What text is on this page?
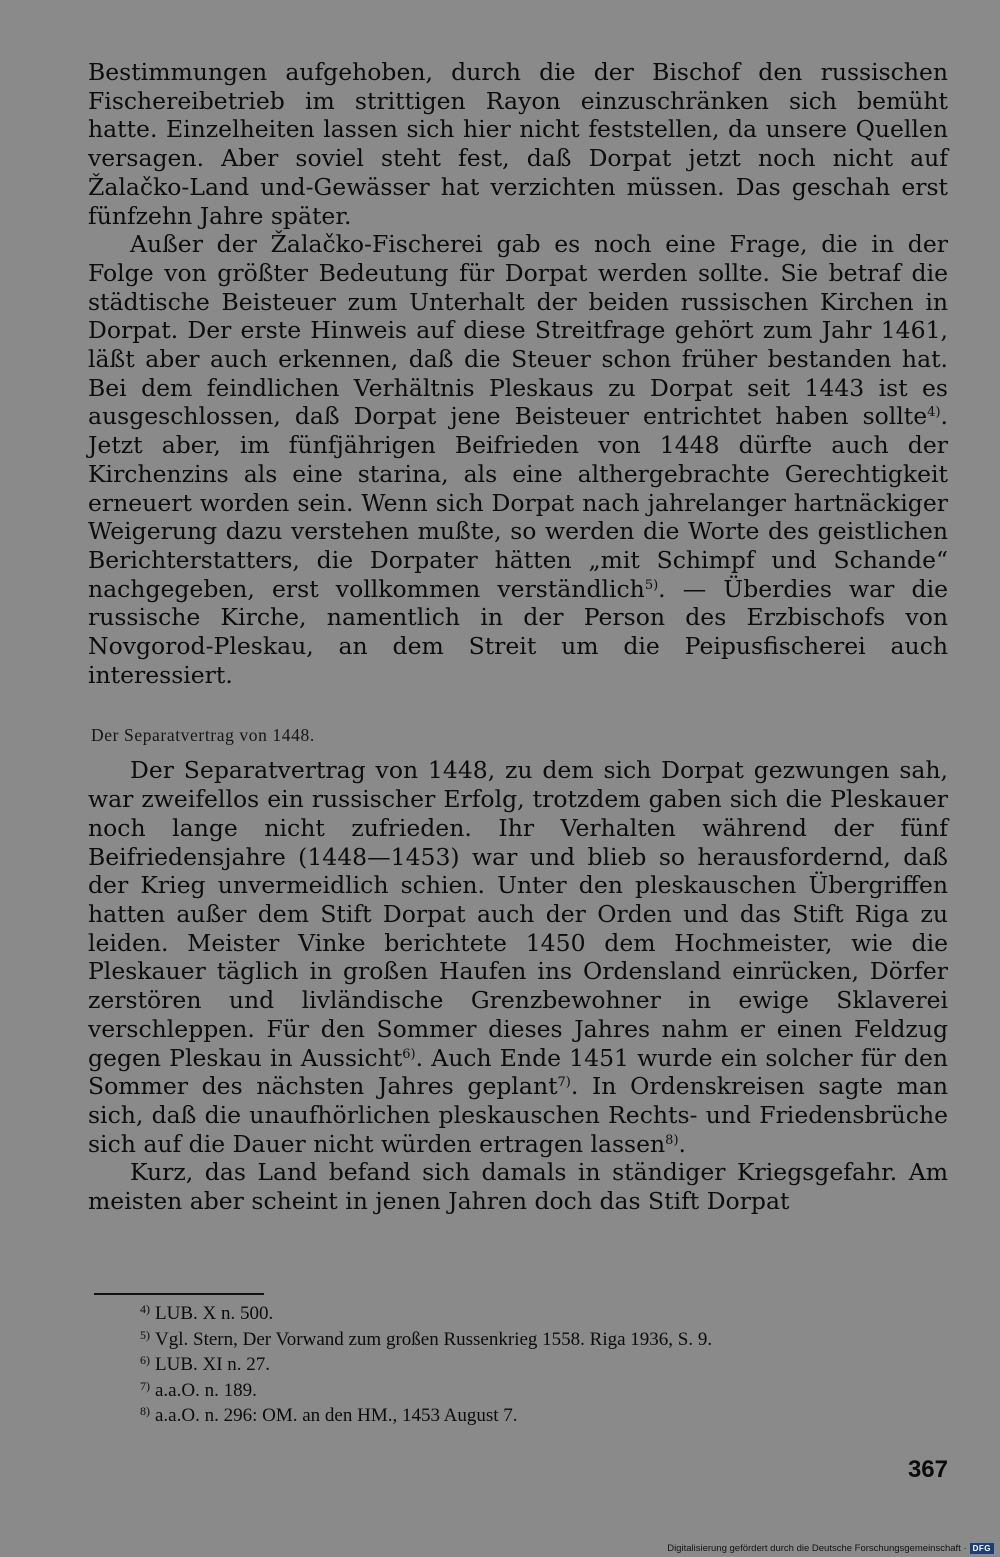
Bestimmungen aufgehoben, durch die der Bischof den russischen Fischereibetrieb im strittigen Rayon einzuschränken sich bemüht hatte. Einzelheiten lassen sich hier nicht feststellen, da unsere Quellen versagen. Aber soviel steht fest, daß Dorpat jetzt noch nicht auf Žalačko-Land und-Gewässer hat verzichten müssen. Das geschah erst fünfzehn Jahre später.

Außer der Žalačko-Fischerei gab es noch eine Frage, die in der Folge von größter Bedeutung für Dorpat werden sollte. Sie betraf die städtische Beisteuer zum Unterhalt der beiden russischen Kirchen in Dorpat. Der erste Hinweis auf diese Streitfrage gehört zum Jahr 1461, läßt aber auch erkennen, daß die Steuer schon früher bestanden hat. Bei dem feindlichen Verhältnis Pleskaus zu Dorpat seit 1443 ist es ausgeschlossen, daß Dorpat jene Beisteuer entrichtet haben sollte$^{4)}$. Jetzt aber, im fünfjährigen Beifrieden von 1448 dürfte auch der Kirchenzins als eine starina, als eine althergebrachte Gerechtigkeit erneuert worden sein. Wenn sich Dorpat nach jahrelanger hartnäckiger Weigerung dazu verstehen mußte, so werden die Worte des geistlichen Berichterstatters, die Dorpater hätten „mit Schimpf und Schande“ nachgegeben, erst vollkommen verständlich$^{5)}$. — Überdies war die russische Kirche, namentlich in der Person des Erzbischofs von Novgorod-Pleskau, an dem Streit um die Peipusfischerei auch interessiert.

Der Separatvertrag von 1448.

Der Separatvertrag von 1448, zu dem sich Dorpat gezwungen sah, war zweifellos ein russischer Erfolg, trotzdem gaben sich die Pleskauer noch lange nicht zufrieden. Ihr Verhalten während der fünf Beifriedensjahre (1448—1453) war und blieb so herausfordernd, daß der Krieg unvermeidlich schien. Unter den pleskauschen Übergriffen hatten außer dem Stift Dorpat auch der Orden und das Stift Riga zu leiden. Meister Vinke berichtete 1450 dem Hochmeister, wie die Pleskauer täglich in großen Haufen ins Ordensland einrücken, Dörfer zerstören und livländische Grenzbewohner in ewige Sklaverei verschleppen. Für den Sommer dieses Jahres nahm er einen Feldzug gegen Pleskau in Aussicht$^{6)}$. Auch Ende 1451 wurde ein solcher für den Sommer des nächsten Jahres geplant$^{7)}$. In Ordenskreisen sagte man sich, daß die unaufhörlichen pleskauschen Rechts- und Friedensbrüche sich auf die Dauer nicht würden ertragen lassen$^{8)}$.

Kurz, das Land befand sich damals in ständiger Kriegsgefahr. Am meisten aber scheint in jenen Jahren doch das Stift Dorpat

$^{4)}$ LUB. X n. 500.
$^{5)}$ Vgl. Stern, Der Vorwand zum großen Russenkrieg 1558. Riga 1936, S. 9.
$^{6)}$ LUB. XI n. 27.
$^{7)}$ a.a.O. n. 189.
$^{8)}$ a.a.O. n. 296: OM. an den HM., 1453 August 7.
367
Digitalisierung gefördert durch die Deutsche Forschungsgemeinschaft · DFG
